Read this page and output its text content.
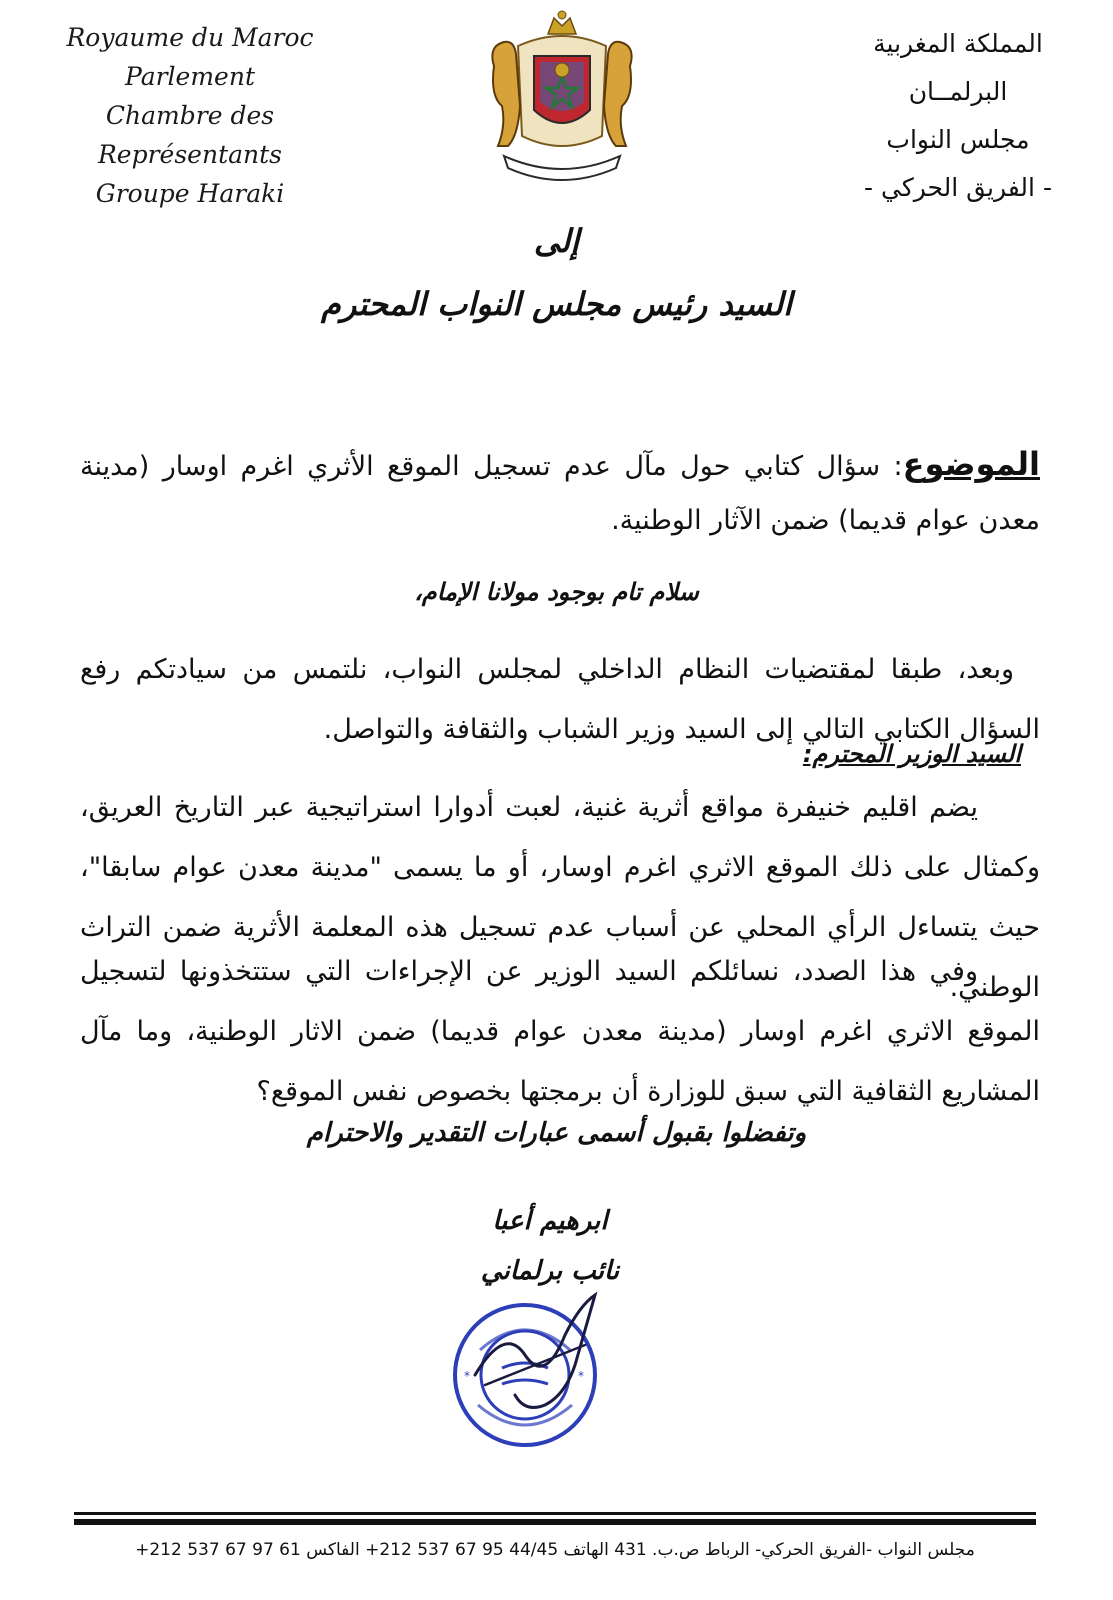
Royaume du Maroc
Parlement
Chambre des Représentants
Groupe Haraki
المملكة المغربية
البرلمــان
مجلس النواب
- الفريق الحركي -
إلى
السيد رئيس مجلس النواب المحترم
الموضوع: سؤال كتابي حول مآل عدم تسجيل الموقع الأثري اغرم اوسار (مدينة معدن عوام قديما) ضمن الآثار الوطنية.
سلام تام بوجود مولانا الإمام،
وبعد، طبقا لمقتضيات النظام الداخلي لمجلس النواب، نلتمس من سيادتكم رفع السؤال الكتابي التالي إلى السيد وزير الشباب والثقافة والتواصل.
السيد الوزير المحترم:
يضم اقليم خنيفرة مواقع أثرية غنية، لعبت أدوارا استراتيجية عبر التاريخ العريق، وكمثال على ذلك الموقع الاثري اغرم اوسار، أو ما يسمى "مدينة معدن عوام سابقا"، حيث يتساءل الرأي المحلي عن أسباب عدم تسجيل هذه المعلمة الأثرية ضمن التراث الوطني.
وفي هذا الصدد، نسائلكم السيد الوزير عن الإجراءات التي ستتخذونها لتسجيل الموقع الاثري اغرم اوسار (مدينة معدن عوام قديما) ضمن الاثار الوطنية، وما مآل المشاريع الثقافية التي سبق للوزارة أن برمجتها بخصوص نفس الموقع؟
وتفضلوا بقبول أسمى عبارات التقدير والاحترام
ابرهيم أعبا
نائب برلماني
*	*
مجلس النواب -الفريق الحركي- الرباط ص.ب. 431 الهاتف 44/45 95 67 537 212+ الفاكس 61 97 67 537 212+
